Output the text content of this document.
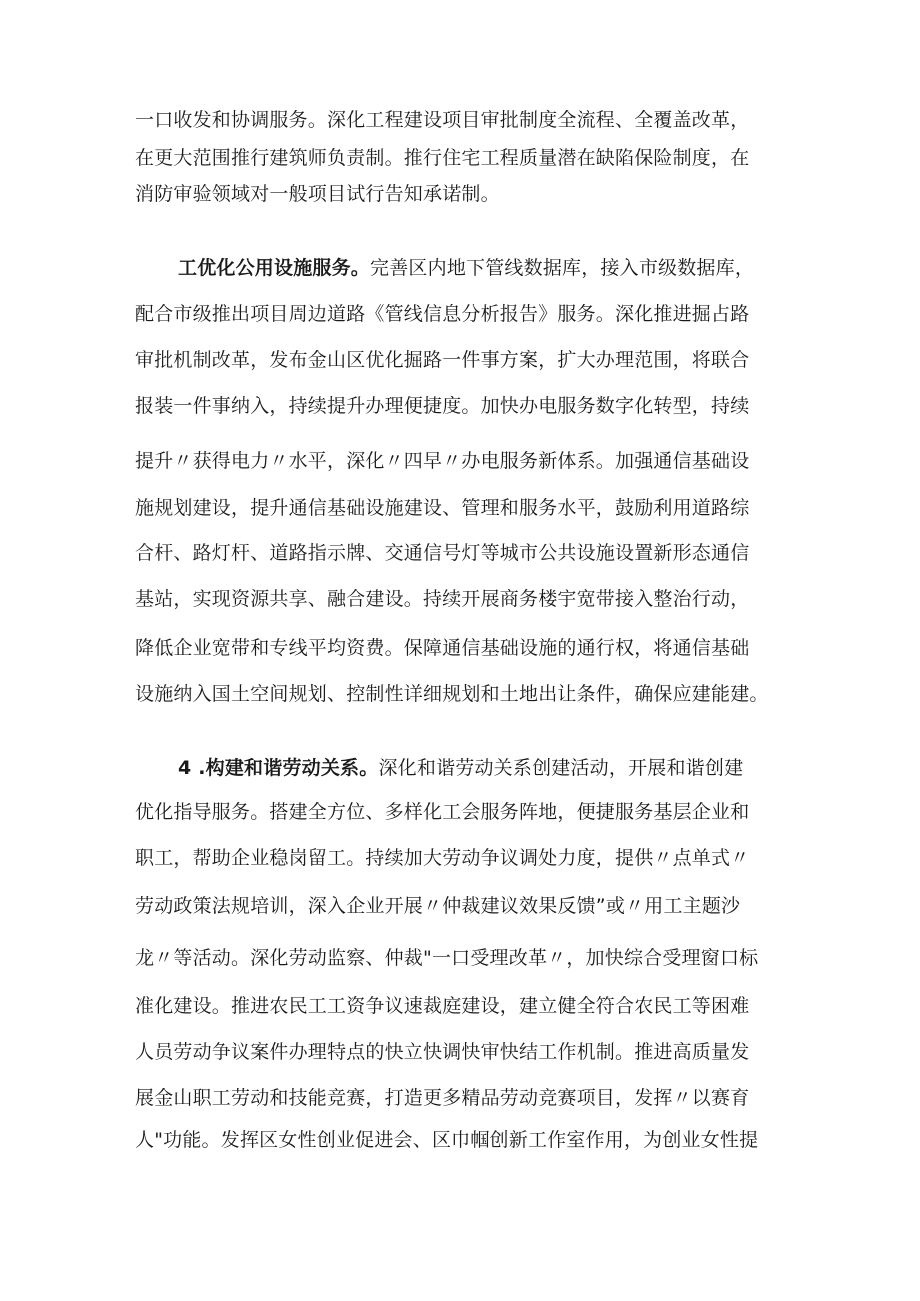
一口收发和协调服务。深化工程建设项目审批制度全流程、全覆盖改革，
在更大范围推行建筑师负责制。推行住宅工程质量潜在缺陷保险制度，在
消防审验领域对一般项目试行告知承诺制。
工优化公用设施服务。完善区内地下管线数据库，接入市级数据库，
配合市级推出项目周边道路《管线信息分析报告》服务。深化推进掘占路
审批机制改革，发布金山区优化掘路一件事方案，扩大办理范围，将联合
报装一件事纳入，持续提升办理便捷度。加快办电服务数字化转型，持续
提升〃获得电力〃水平，深化〃四早〃办电服务新体系。加强通信基础设
施规划建设，提升通信基础设施建设、管理和服务水平，鼓励利用道路综
合杆、路灯杆、道路指示牌、交通信号灯等城市公共设施设置新形态通信
基站，实现资源共享、融合建设。持续开展商务楼宇宽带接入整治行动，
降低企业宽带和专线平均资费。保障通信基础设施的通行权，将通信基础
设施纳入国土空间规划、控制性详细规划和土地出让条件，确保应建能建。
4 .构建和谐劳动关系。深化和谐劳动关系创建活动，开展和谐创建
优化指导服务。搭建全方位、多样化工会服务阵地，便捷服务基层企业和
职工，帮助企业稳岗留工。持续加大劳动争议调处力度，提供〃点单式〃
劳动政策法规培训，深入企业开展〃仲裁建议效果反馈”或〃用工主题沙
龙〃等活动。深化劳动监察、仲裁"一口受理改革〃，加快综合受理窗口标
准化建设。推进农民工工资争议速裁庭建设，建立健全符合农民工等困难
人员劳动争议案件办理特点的快立快调快审快结工作机制。推进高质量发
展金山职工劳动和技能竞赛，打造更多精品劳动竞赛项目，发挥〃以赛育
人"功能。发挥区女性创业促进会、区巾帼创新工作室作用，为创业女性提
